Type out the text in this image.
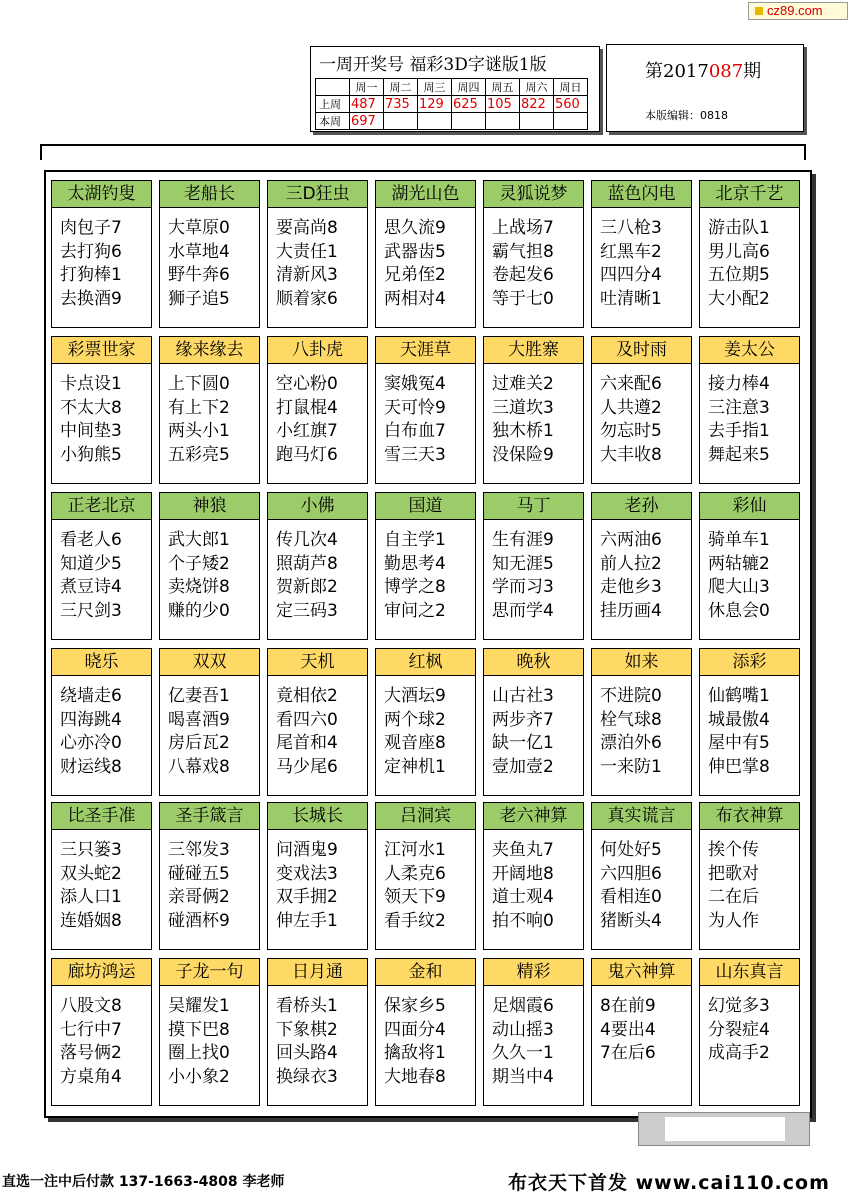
cz89.com
一周开奖号 福彩3D字谜版1版
	周一	周二	周三	周四	周五	周六	周日
上周	487	735	129	625	105	822	560
本周	697						
第2017087期
本版编辑：0818
太湖钓叟
肉包子7
去打狗6
打狗棒1
去换酒9
老船长
大草原0
水草地4
野牛奔6
狮子追5
三D狂虫
要高尚8
大责任1
清新风3
顺着家6
湖光山色
思久流9
武器齿5
兄弟侄2
两相对4
灵狐说梦
上战场7
霸气担8
卷起发6
等于七0
蓝色闪电
三八枪3
红黑车2
四四分4
吐清晰1
北京千艺
游击队1
男儿高6
五位期5
大小配2
彩票世家
卡点设1
不太大8
中间垫3
小狗熊5
缘来缘去
上下圆0
有上下2
两头小1
五彩亮5
八卦虎
空心粉0
打鼠棍4
小红旗7
跑马灯6
天涯草
窦娥冤4
天可怜9
白布血7
雪三天3
大胜寨
过难关2
三道坎3
独木桥1
没保险9
及时雨
六来配6
人共遵2
勿忘时5
大丰收8
姜太公
接力棒4
三注意3
去手指1
舞起来5
正老北京
看老人6
知道少5
煮豆诗4
三尺剑3
神狼
武大郎1
个子矮2
卖烧饼8
赚的少0
小佛
传几次4
照葫芦8
贺新郎2
定三码3
国道
自主学1
勤思考4
博学之8
审问之2
马丁
生有涯9
知无涯5
学而习3
思而学4
老孙
六两油6
前人拉2
走他乡3
挂历画4
彩仙
骑单车1
两轱辘2
爬大山3
休息会0
晓乐
绕墙走6
四海跳4
心亦冷0
财运线8
双双
亿妻吾1
喝喜酒9
房后瓦2
八幕戏8
天机
竟相依2
看四六0
尾首和4
马少尾6
红枫
大酒坛9
两个球2
观音座8
定神机1
晚秋
山古社3
两步齐7
缺一亿1
壹加壹2
如来
不进院0
栓气球8
漂泊外6
一来防1
添彩
仙鹤嘴1
城最傲4
屋中有5
伸巴掌8
比圣手准
三只篓3
双头蛇2
添人口1
连婚姻8
圣手箴言
三邻发3
碰碰五5
亲哥俩2
碰酒杯9
长城长
问酒鬼9
变戏法3
双手拥2
伸左手1
吕洞宾
江河水1
人柔克6
领天下9
看手纹2
老六神算
夹鱼丸7
开阔地8
道士观4
拍不响0
真实谎言
何处好5
六四胆6
看相连0
猪断头4
布衣神算
挨个传
把歌对
二在后
为人作
廊坊鸿运
八股文8
七行中7
落号俩2
方桌角4
子龙一句
吴耀发1
摸下巴8
圈上找0
小小象2
日月通
看桥头1
下象棋2
回头路4
换绿衣3
金和
保家乡5
四面分4
擒敌将1
大地春8
精彩
足烟霞6
动山摇3
久久一1
期当中4
鬼六神算
8在前9
4要出4
7在后6
山东真言
幻觉多3
分裂症4
成高手2
直选一注中后付款 137-1663-4808 李老师	布衣天下首发 www.cai110.com
